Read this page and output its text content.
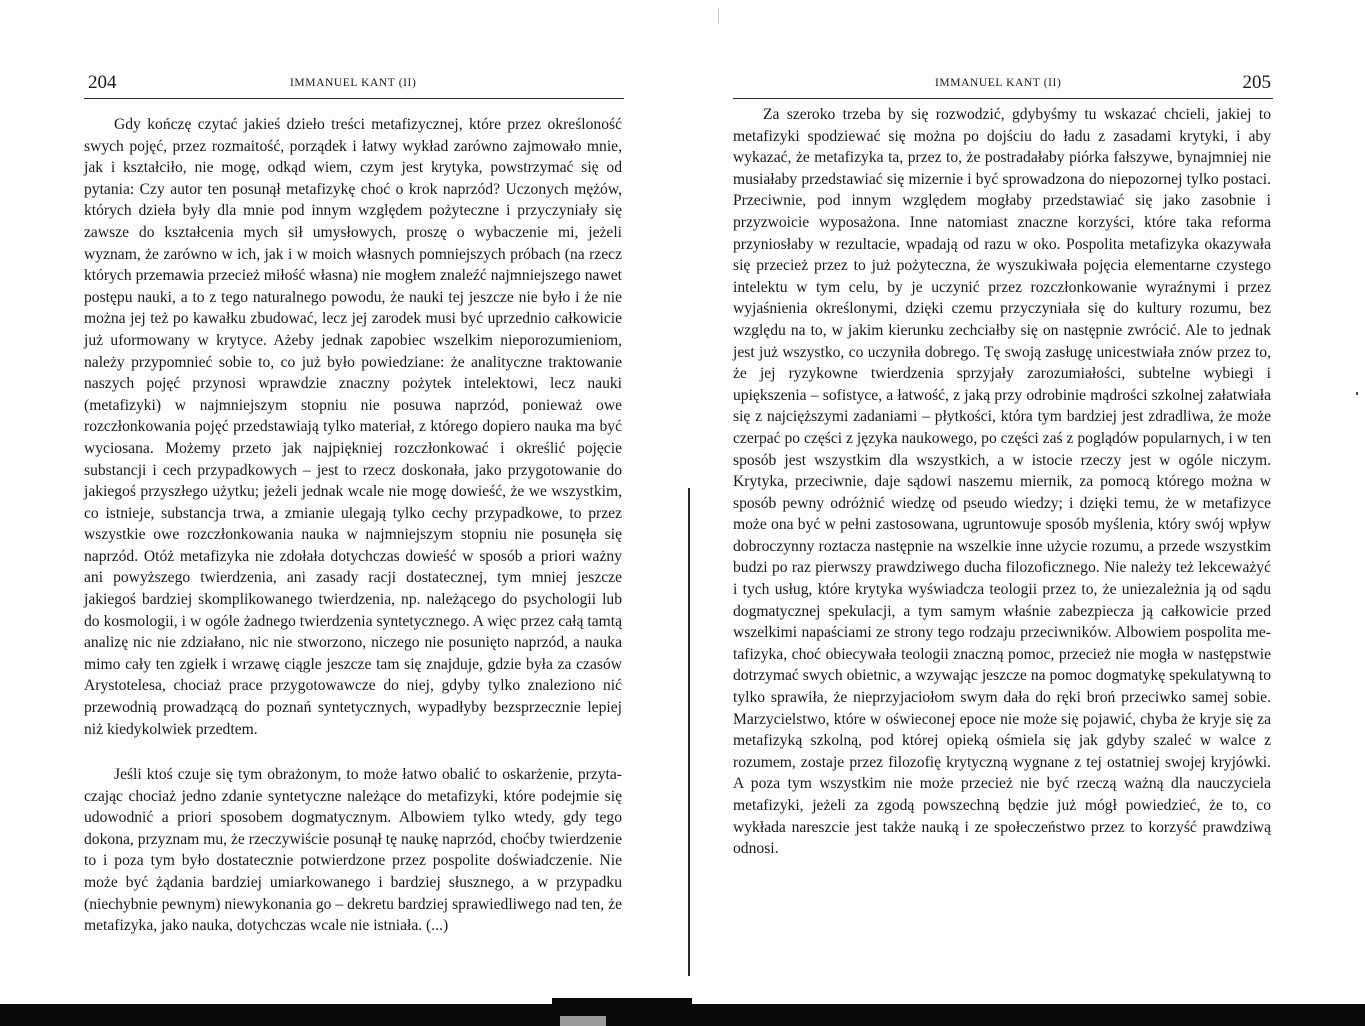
204	IMMANUEL KANT (II)

Gdy kończę czytać jakieś dzieło treści metafizycznej, które przez określoność swych pojęć, przez rozmaitość, porządek i łatwy wykład zarówno zajmowało mnie, jak i kształciło, nie mogę, odkąd wiem, czym jest krytyka, powstrzymać się od pytania: Czy autor ten posunął metafizykę choć o krok naprzód? Uczonych mężów, których dzieła były dla mnie pod innym względem pożyteczne i przyczyniały się zawsze do kształcenia mych sił umysłowych, proszę o wybaczenie mi, jeżeli wyznam, że zarówno w ich, jak i w moich własnych pomniejszych próbach (na rzecz których przemawia przecież miłość własna) nie mogłem znaleźć najmniejszego nawet postępu nauki, a to z tego naturalnego powodu, że nauki tej jeszcze nie było i że nie można jej też po kawałku zbudować, lecz jej zarodek musi być uprzednio całkowicie już uformowany w krytyce. Ażeby jednak zapobiec wszelkim nieporozumieniom, należy przypomnieć sobie to, co już było powiedziane: że analityczne traktowanie naszych pojęć przynosi wprawdzie znaczny pożytek intelektowi, lecz nauki (metafizyki) w najmniejszym stopniu nie posuwa naprzód, ponieważ owe rozczłonkowania pojęć przedstawiają tylko materiał, z którego dopiero nauka ma być wyciosana. Możemy przeto jak najpiękniej rozczłonkować i określić pojęcie substancji i cech przypadkowych – jest to rzecz doskonała, jako przygotowanie do jakiegoś przyszłego użytku; jeżeli jednak wcale nie mogę dowieść, że we wszystkim, co istnieje, substancja trwa, a zmianie ulegają tylko cechy przypadkowe, to przez wszystkie owe rozczłonkowania nauka w najmniejszym stopniu nie posunęła się naprzód. Otóż metafizyka nie zdołała dotychczas dowieść w sposób a priori ważny ani powyższego twierdzenia, ani zasady racji dostatecznej, tym mniej jeszcze jakiegoś bardziej skomplikowanego twierdzenia, np. należącego do psychologii lub do kosmologii, i w ogóle żadnego twierdzenia syntetycznego. A więc przez całą tamtą analizę nic nie zdziałano, nic nie stworzono, niczego nie posunięto naprzód, a nauka mimo cały ten zgiełk i wrzawę ciągle jeszcze tam się znajduje, gdzie była za czasów Arystotelesa, chociaż prace przygotowawcze do niej, gdyby tylko znaleziono nić przewodnią prowadzącą do poznań syntetycznych, wypadłyby bezsprzecznie lepiej niż kiedykolwiek przedtem.

Jeśli ktoś czuje się tym obrażonym, to może łatwo obalić to oskarżenie, przytaczając chociaż jedno zdanie syntetyczne należące do metafizyki, które podejmie się udowodnić a priori sposobem dogmatycznym. Albowiem tylko wtedy, gdy tego dokona, przyznam mu, że rzeczywiście posunął tę naukę naprzód, choćby twierdzenie to i poza tym było dostatecznie potwierdzone przez pospolite doświadczenie. Nie może być żądania bardziej umiarkowanego i bardziej słusznego, a w przypadku (niechybnie pewnym) niewykonania go – dekretu bardziej sprawiedliwego nad ten, że metafizyka, jako nauka, dotychczas wcale nie istniała. (...)

IMMANUEL KANT (II)	205

Za szeroko trzeba by się rozwodzić, gdybyśmy tu wskazać chcieli, jakiej to metafizyki spodziewać się można po dojściu do ładu z zasadami krytyki, i aby wykazać, że metafizyka ta, przez to, że postradałaby piórka fałszywe, bynajmniej nie musiałaby przedstawiać się mizernie i być sprowadzona do niepozornej tylko postaci. Przeciwnie, pod innym względem mogłaby przedstawiać się jako zasobnie i przyzwoicie wyposażona. Inne natomiast znaczne korzyści, które taka reforma przyniosłaby w rezultacie, wpadają od razu w oko. Pospolita metafizyka okazywała się przecież przez to już pożyteczna, że wyszukiwała pojęcia elementarne czystego intelektu w tym celu, by je uczynić przez rozczłonkowanie wyraźnymi i przez wyjaśnienia określonymi, dzięki czemu przyczyniała się do kultury rozumu, bez względu na to, w jakim kierunku zechciałby się on następnie zwrócić. Ale to jednak jest już wszystko, co uczyniła dobrego. Tę swoją zasługę unicestwiała znów przez to, że jej ryzykowne twierdzenia sprzyjały zarozumiałości, subtelne wybiegi i upiększenia – sofistyce, a łatwość, z jaką przy odrobinie mądrości szkolnej załatwiała się z najcięższymi zadaniami – płytkości, która tym bardziej jest zdradliwa, że może czerpać po części z języka naukowego, po części zaś z poglądów popularnych, i w ten sposób jest wszystkim dla wszystkich, a w istocie rzeczy jest w ogóle niczym. Krytyka, przeciwnie, daje sądowi naszemu miernik, za pomocą którego można w sposób pewny odróżnić wiedzę od pseudo wiedzy; i dzięki temu, że w metafizyce może ona być w pełni zastosowana, ugruntowuje sposób myślenia, który swój wpływ dobroczynny roztacza następnie na wszelkie inne użycie rozumu, a przede wszystkim budzi po raz pierwszy prawdziwego ducha filozoficznego. Nie należy też lekceważyć i tych usług, które krytyka wyświadcza teologii przez to, że uniezależnia ją od sądu dogmatycznej spekulacji, a tym samym właśnie zabezpiecza ją całkowicie przed wszelkimi napaściami ze strony tego rodzaju przeciwników. Albowiem pospolita metafizyka, choć obiecywała teologii znaczną pomoc, przecież nie mogła w następstwie dotrzymać swych obietnic, a wzywając jeszcze na pomoc dogmatykę spekulatywną to tylko sprawiła, że nieprzyjaciołom swym dała do ręki broń przeciwko samej sobie. Marzycielstwo, które w oświeconej epoce nie może się pojawić, chyba że kryje się za metafizyką szkolną, pod której opieką ośmiela się jak gdyby szaleć w walce z rozumem, zostaje przez filozofię krytyczną wygnane z tej ostatniej swojej kryjówki. A poza tym wszystkim nie może przecież nie być rzeczą ważną dla nauczyciela metafizyki, jeżeli za zgodą powszechną będzie już mógł powiedzieć, że to, co wykłada nareszcie jest także nauką i ze społeczeństwo przez to korzyść prawdziwą odnosi.
